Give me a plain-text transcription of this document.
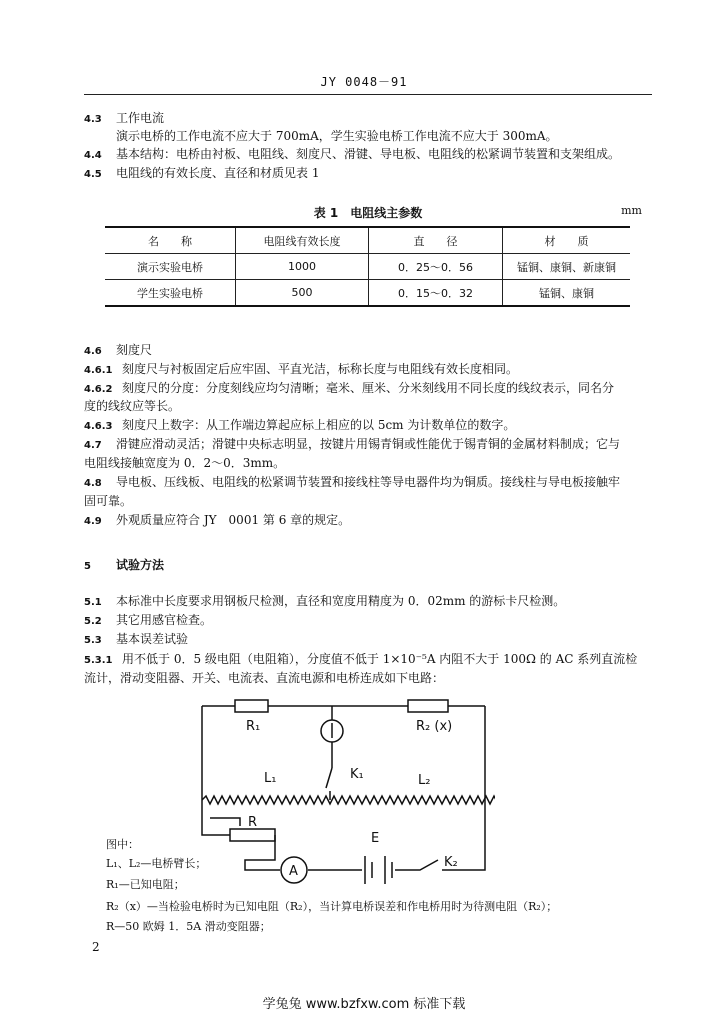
JY 0048－91
4.3 工作电流
演示电桥的工作电流不应大于 700mA，学生实验电桥工作电流不应大于 300mA。
4.4 基本结构：电桥由衬板、电阻线、刻度尺、滑键、导电板、电阻线的松紧调节装置和支架组成。
4.5 电阻线的有效长度、直径和材质见表 1
表 1　电阻线主参数	mm
名　　称	电阻线有效长度	直　　径	材　　质
演示实验电桥	1000	0．25～0．56	锰铜、康铜、新康铜
学生实验电桥	500	0．15～0．32	锰铜、康铜
4.6 刻度尺
4.6.1 刻度尺与衬板固定后应牢固、平直光洁，标称长度与电阻线有效长度相同。
4.6.2 刻度尺的分度：分度刻线应均匀清晰；毫米、厘米、分米刻线用不同长度的线纹表示，同名分
度的线纹应等长。
4.6.3 刻度尺上数字：从工作端边算起应标上相应的以 5cm 为计数单位的数字。
4.7 滑键应滑动灵活；滑键中央标志明显，按键片用锡青铜或性能优于锡青铜的金属材料制成；它与
电阻线接触宽度为 0．2～0．3mm。
4.8 导电板、压线板、电阻线的松紧调节装置和接线柱等导电器件均为铜质。接线柱与导电板接触牢
固可靠。
4.9 外观质量应符合 JY　0001 第 6 章的规定。
5 试验方法
5.1 本标准中长度要求用钢板尺检测，直径和宽度用精度为 0．02mm 的游标卡尺检测。
5.2 其它用感官检查。
5.3 基本误差试验
5.3.1 用不低于 0．5 级电阻（电阻箱），分度值不低于 1×10⁻⁵A 内阻不大于 100Ω 的 AC 系列直流检
流计，滑动变阻器、开关、电流表、直流电源和电桥连成如下电路：
R₁	R₂ (x)
K₁
L₁	L₂
R
E
K₂
A
图中：
L₁、L₂—电桥臂长；
R₁—已知电阻；
R₂（x）—当检验电桥时为已知电阻（R₂），当计算电桥误差和作电桥用时为待测电阻（R₂）；
R—50 欧姆 1．5A 滑动变阻器；
2
学兔兔 www.bzfxw.com 标准下载
